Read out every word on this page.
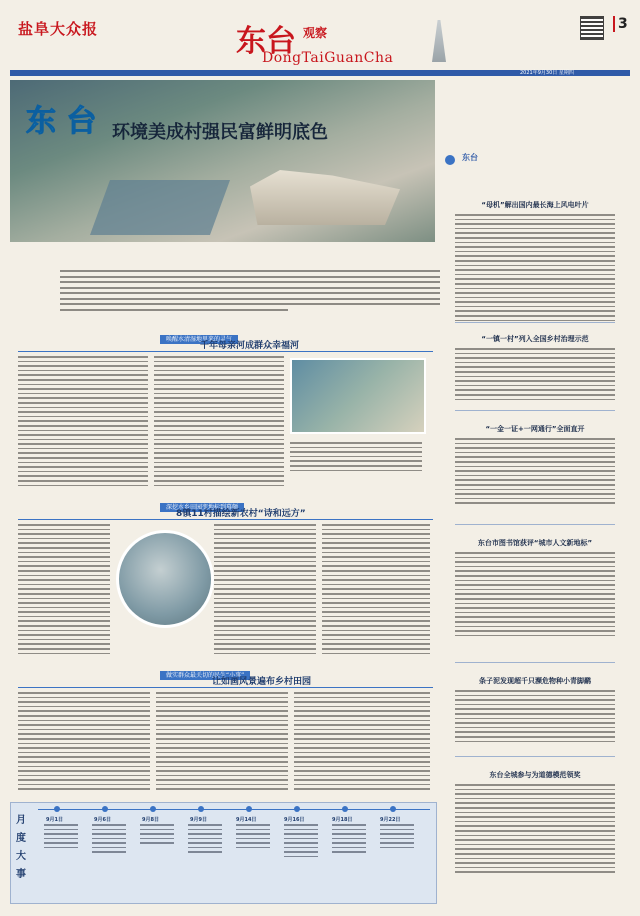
盐阜大众报	东台 观察
DongTaiGuanCha
3
2021年9月30日 星期四
东 台 环境美成村强民富鲜明底色
唤醒水清湿地里来的灵气
千年母亲河成群众幸福河
深挖水乡田园变地标到幕颇
8镇11村描绘新农村“诗和远方”
做实群众最关切的民生“小事”
让如画风景遍布乡村田园
东台
“母机”解出国内最长海上风电叶片
“一镇一村”列入全国乡村治理示范
“一金一证+一网通行”全面直开
东台市图书馆获评“城市人文新地标”
条子泥发现超千只濒危物种小青脚鹬
东台全城参与为道德模范领奖
月
度
大
事
9月1日	9月6日	9月8日	9月9日	9月14日	9月16日	9月18日	9月22日
